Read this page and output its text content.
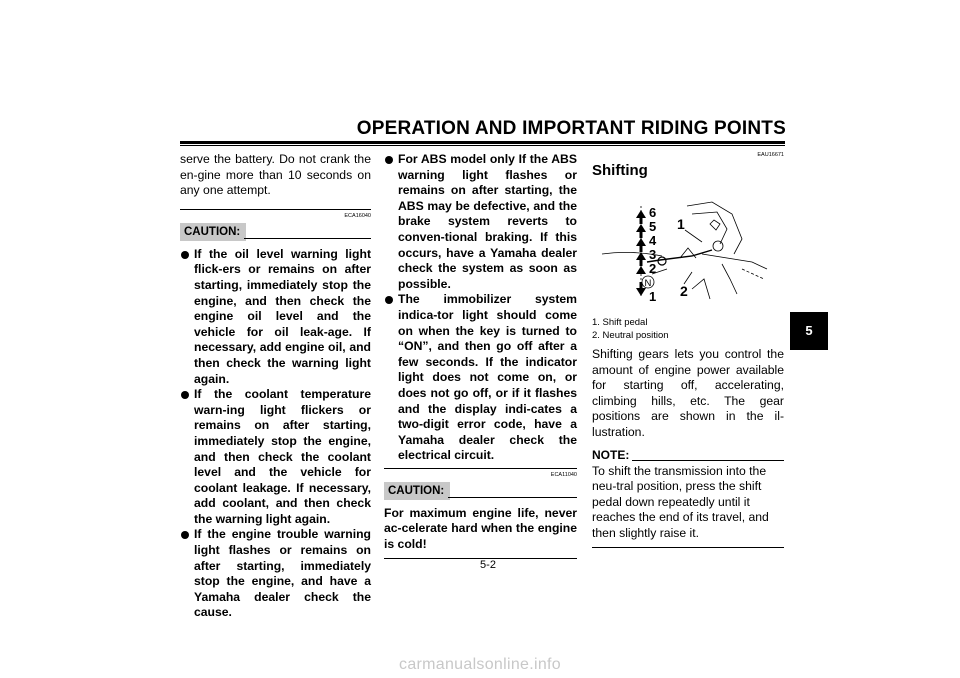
OPERATION AND IMPORTANT RIDING POINTS

serve the battery. Do not crank the en-gine more than 10 seconds on any one attempt.

ECA16040
CAUTION:
If the oil level warning light flick-ers or remains on after starting, immediately stop the engine, and then check the engine oil level and the vehicle for oil leak-age. If necessary, add engine oil, and then check the warning light again.
If the coolant temperature warn-ing light flickers or remains on after starting, immediately stop the engine, and then check the coolant level and the vehicle for coolant leakage. If necessary, add coolant, and then check the warning light again.
If the engine trouble warning light flashes or remains on after starting, immediately stop the engine, and have a Yamaha dealer check the cause.
For ABS model only If the ABS warning light flashes or remains on after starting, the ABS may be defective, and the brake system reverts to conven-tional braking. If this occurs, have a Yamaha dealer check the system as soon as possible.
The immobilizer system indica-tor light should come on when the key is turned to “ON”, and then go off after a few seconds. If the indicator light does not come on, or does not go off, or if it flashes and the display indi-cates a two-digit error code, have a Yamaha dealer check the electrical circuit.
ECA11040
CAUTION:

For maximum engine life, never ac-celerate hard when the engine is cold!

EAU16671
Shifting
6
5
4
3
2
1
1
2
N
1. Shift pedal
2. Neutral position

Shifting gears lets you control the amount of engine power available for starting off, accelerating, climbing hills, etc. The gear positions are shown in the il-lustration.

NOTE:

To shift the transmission into the neu-tral position, press the shift pedal down repeatedly until it reaches the end of its travel, and then slightly raise it.

5
5-2
carmanualsonline.info
